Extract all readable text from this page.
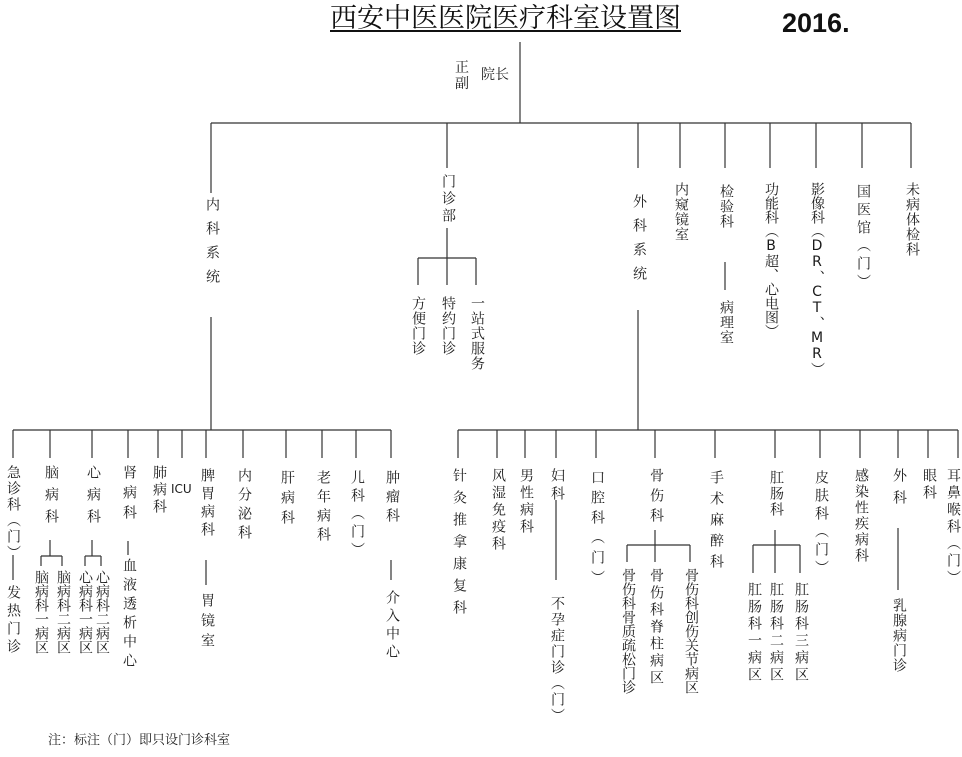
西安中医医院医疗科室设置图	2016.
正
副
院长
内科系统	门诊部	外科系统 内窥镜室 检验科
病理室 功能科（B超、心电图） 影像科（DR、CT、MR） 国医馆（门） 未病体检科
方便门诊 特约门诊 一站式服务
急诊科（门）
发热门诊
脑病科
脑病科一病区 脑病科二病区
心病科
心病科一病区 心病科二病区
肾病科
血液透析中心
肺病科 ICU 脾胃病科
胃镜室
内分泌科 肝病科 老年病科 儿科（门） 肿瘤科
介入中心
针灸推拿康复科 风湿免疫科 男性病科 妇科
不孕症门诊（门）
口腔科（门）	骨伤科
骨伤科骨质疏松门诊 骨伤科脊柱病区 骨伤科创伤关节病区
手术麻醉科	肛肠科
肛肠科一病区 肛肠科二病区 肛肠科三病区
皮肤科（门） 感染性疾病科 外科
乳腺病门诊
眼科 耳鼻喉科（门）
注：标注（门）即只设门诊科室
